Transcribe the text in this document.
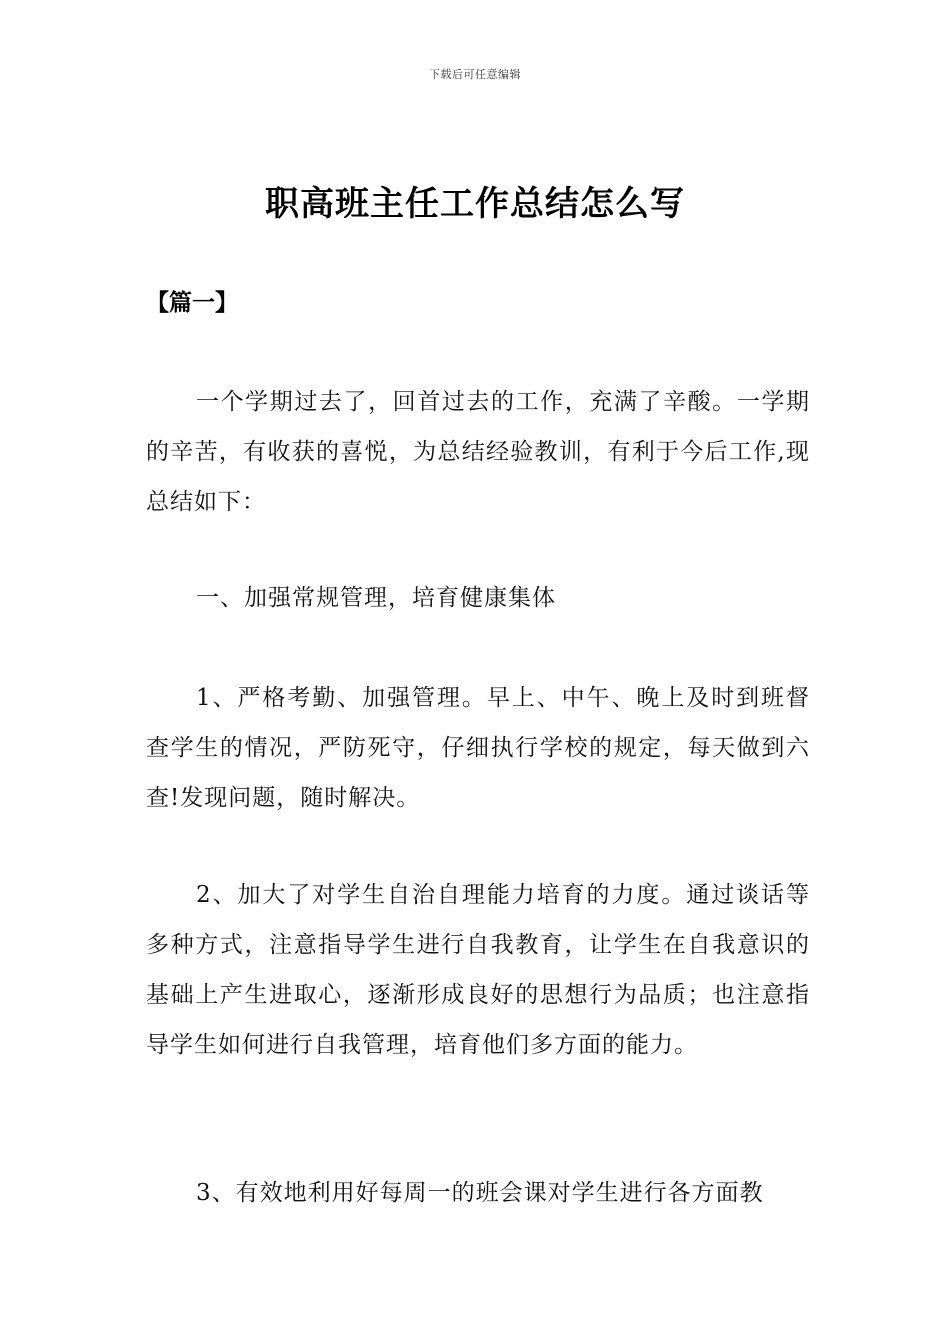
下载后可任意编辑
职高班主任工作总结怎么写
【篇一】

一个学期过去了，回首过去的工作，充满了辛酸。一学期的辛苦，有收获的喜悦，为总结经验教训，有利于今后工作,现总结如下：

一、加强常规管理，培育健康集体

1、严格考勤、加强管理。早上、中午、晚上及时到班督查学生的情况，严防死守，仔细执行学校的规定，每天做到六查!发现问题，随时解决。

2、加大了对学生自治自理能力培育的力度。通过谈话等多种方式，注意指导学生进行自我教育，让学生在自我意识的基础上产生进取心，逐渐形成良好的思想行为品质；也注意指导学生如何进行自我管理，培育他们多方面的能力。

3、有效地利用好每周一的班会课对学生进行各方面教
